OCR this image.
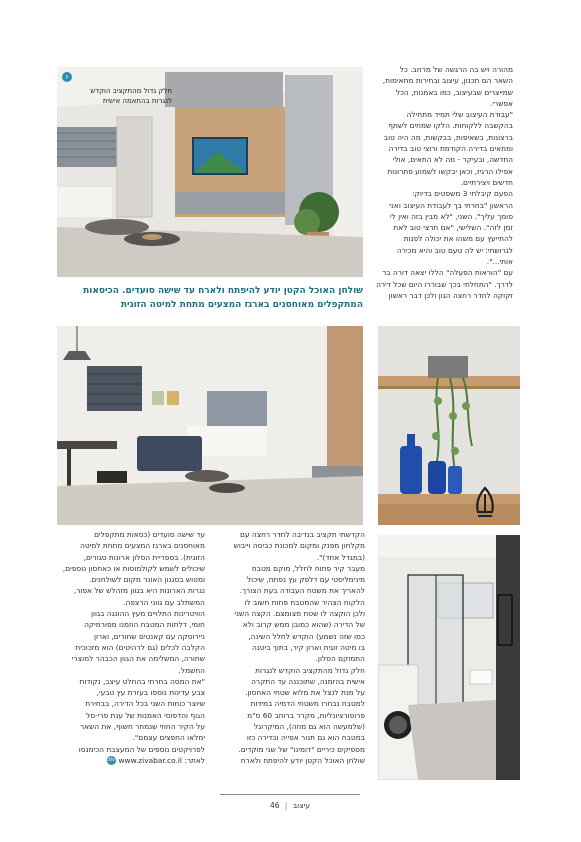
מהורה ויש בה הרגשה של מרחב. כל

השאר הם תכנון, עיצוב ובחירות מתאימות,

שמייצרים שבעיצוב, כמו באמנות, הכל

אפשרי.

"עבודת העיצוב שלי תמיד מתחילה

בהקשבה ללקוחות. הלקו שמחים לשתף

ברצונות, בשאיפות, בבקשות, מה היה טוב

ומתאים בדירה הקודמת ורוצי טוב בדירה

החדשה, ובעיקר - מה לא התאים, אולי

אפילו הרגיז, וכאן יבקשו לשמוע פתרונות

חדשים ויצירתיים.

הפעם קיבלתי 3 משפטים בדיוק:

הראשון "בחרתי בך לעבודת העיצוב ואני

סומך עליך". השני, "לא מבין בזה ואין לי

זמן לזה". השלישי, "אם תרצי טוב לאת

להתייעץ עם משהו את יכולה לפנות

לגרושתי: יש לה טעם טוב והיא מכירה

אותי...".

עם "הוראות הפעלה" הללו יצאה דורה בר

לדרך. "התחלתי בכך שבוררו היום שכל דירה

זקוקה לחדר רחצה הגון ולכן דבר ראשון

›
חלק גדול מהתקציב הוקדש
לנגרות בהתאמה אישית
שולחן האוכל הקטן יודע להיפתח ולארח עד שישה סועדים. הכיסאות
המתקפלים מאוחסנים בארגז המצעים מתחת למיטה הזוגית

עד שישה סועדים (כסאות מתקפלים

מאוחסנים בארגז המצעים מתחת למיטה

הזוגית). בספריית הסלון ארונות סגורים,

שיכולים לשמש לקולמוסות או כאחסון נוספים,

ומטוש בסגנון האונר מקום לשולחנים.

נגרות הארונות היא בגוון מזהלש של אפור,

המשתלב עם גווני הרצפה.

הוויטרינות התלויים מעץ ההונגה בגוון

חומי, דלתות המטבח הוזמנו מפורמיקה

ניירוסקה עם קאנטים שחורים, וארון

הקלבה לכלים (גם לרהיטים) הוא מזכוכית

שחורה, המשלימה את הגוון הכבהר למוצרי

החשמל.

"את המסה בחרתי בהחלט עיצב, נקודות

צבע עדינות נוספו בעזרת עץ טבעי,

שיוצר כוחות השני בכל הדירה, בבחירת

הגוף והדפוסי האמנות של ענת פרי-סל

על הקיר החוזי שנמחר חשוף, את השאר

ימלאו החפצים עצמם".

לפרויקטים נוספים של המעצבת הכימנסו

לאתר: www.zivabar.co.il ziv

הקדשתי תקציב בנדיבה לחדר רחצה עם

מקלחון מפנק ומקום למכונת כביסה וייבוש

(במגדל אחד)".

מעבר קיר פתוח לחלל, מוקם מטבח

מינימליסטי עם דלפק עץ נפתח, שיכול

להאריך את משטח העבודה בעת הצורך.

הלקוח הצהיר שהמטבח פחות חשוב לו

ולכן הוקצה לו שטח מצומצם. הקצה השני

של הדירה (שהוא כמובן ממש קרוב ולא

כמו שזה נשמע) הוקדש לחלל השינה,

בו מיטה זוגית וארון קיר, בתוך ביטנה

התמוקם הסלון.

חלק גדול מהתקציב הוקדש לנגרות

אישית בהזמנה, שתוכננה עד התקרה

על מנת לנצל את מלוא שטחי האחסון.

למטבח נבחרו משטחי הדמיה במידות

פרופורציונליות, מקרר ברוחב 60 ס"מ

(שלמעשה הוא גם מוזה), המיקרוגל

במטבח הוא גם תנור אפייה ובדירה כזו

מספיקים כיריים "דומינו" של שני מוקדים.

שולחן האוכל הקטן יודע להיפתח ולארח

46 | עיצוב
